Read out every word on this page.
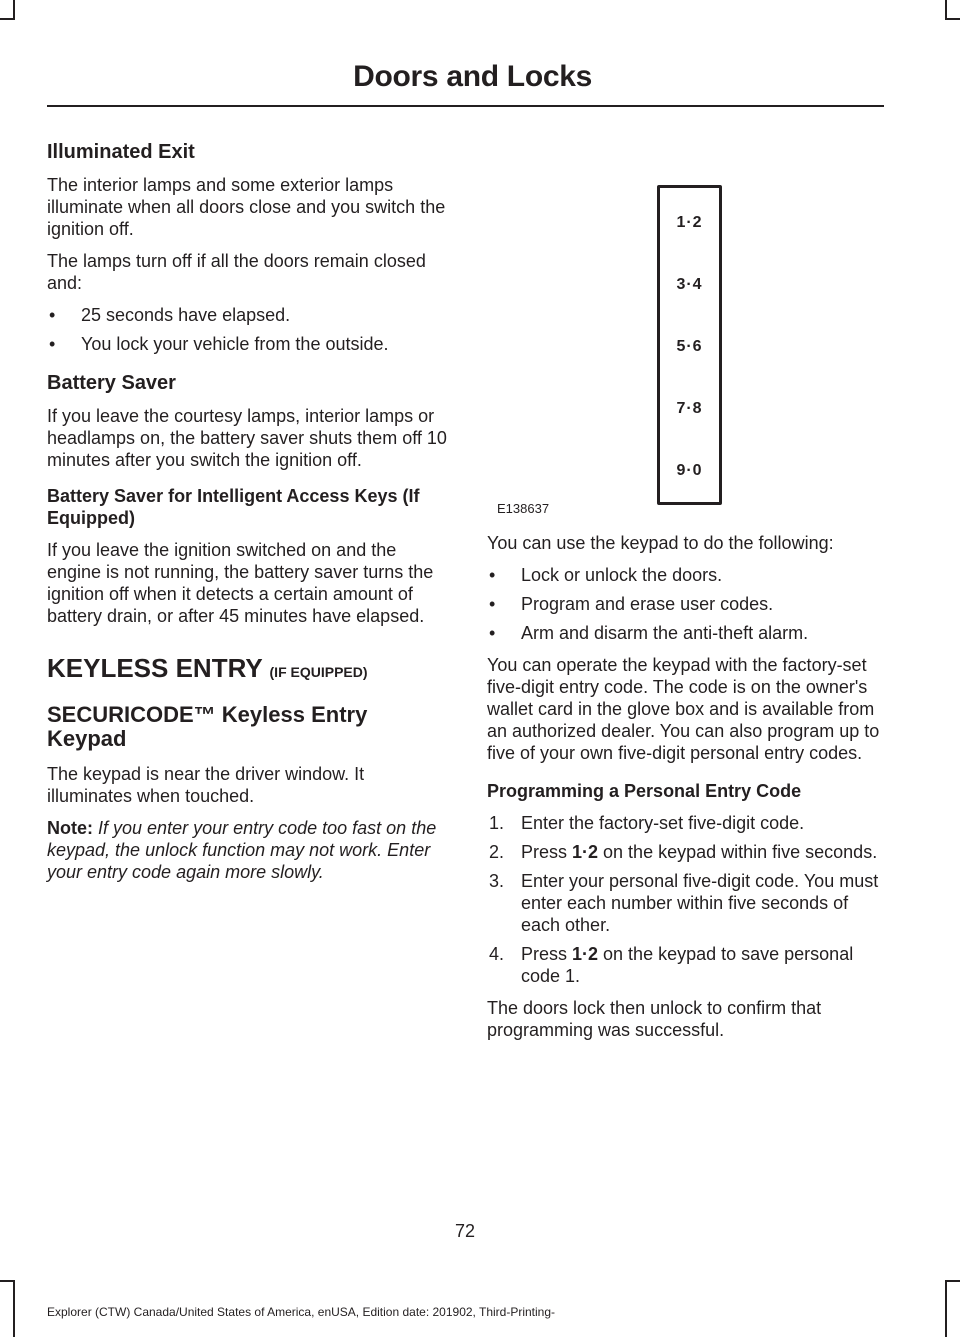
Doors and Locks
Illuminated Exit

The interior lamps and some exterior lamps illuminate when all doors close and you switch the ignition off.

The lamps turn off if all the doors remain closed and:

• 25 seconds have elapsed.
• You lock your vehicle from the outside.
Battery Saver

If you leave the courtesy lamps, interior lamps or headlamps on, the battery saver shuts them off 10 minutes after you switch the ignition off.

Battery Saver for Intelligent Access Keys (If Equipped)

If you leave the ignition switched on and the engine is not running, the battery saver turns the ignition off when it detects a certain amount of battery drain, or after 45 minutes have elapsed.

KEYLESS ENTRY (IF EQUIPPED)
SECURICODE™ Keyless Entry Keypad

The keypad is near the driver window. It illuminates when touched.

Note: If you enter your entry code too fast on the keypad, the unlock function may not work. Enter your entry code again more slowly.

1·2
3·4
5·6
7·8
9·0
E138637

You can use the keypad to do the following:

• Lock or unlock the doors.
• Program and erase user codes.
• Arm and disarm the anti-theft alarm.

You can operate the keypad with the factory-set five-digit entry code. The code is on the owner's wallet card in the glove box and is available from an authorized dealer. You can also program up to five of your own five-digit personal entry codes.

Programming a Personal Entry Code
1. Enter the factory-set five-digit code.
2. Press 1·2 on the keypad within five seconds.
3. Enter your personal five-digit code. You must enter each number within five seconds of each other.
4. Press 1·2 on the keypad to save personal code 1.

The doors lock then unlock to confirm that programming was successful.

72
Explorer (CTW) Canada/United States of America, enUSA, Edition date: 201902, Third-Printing-
